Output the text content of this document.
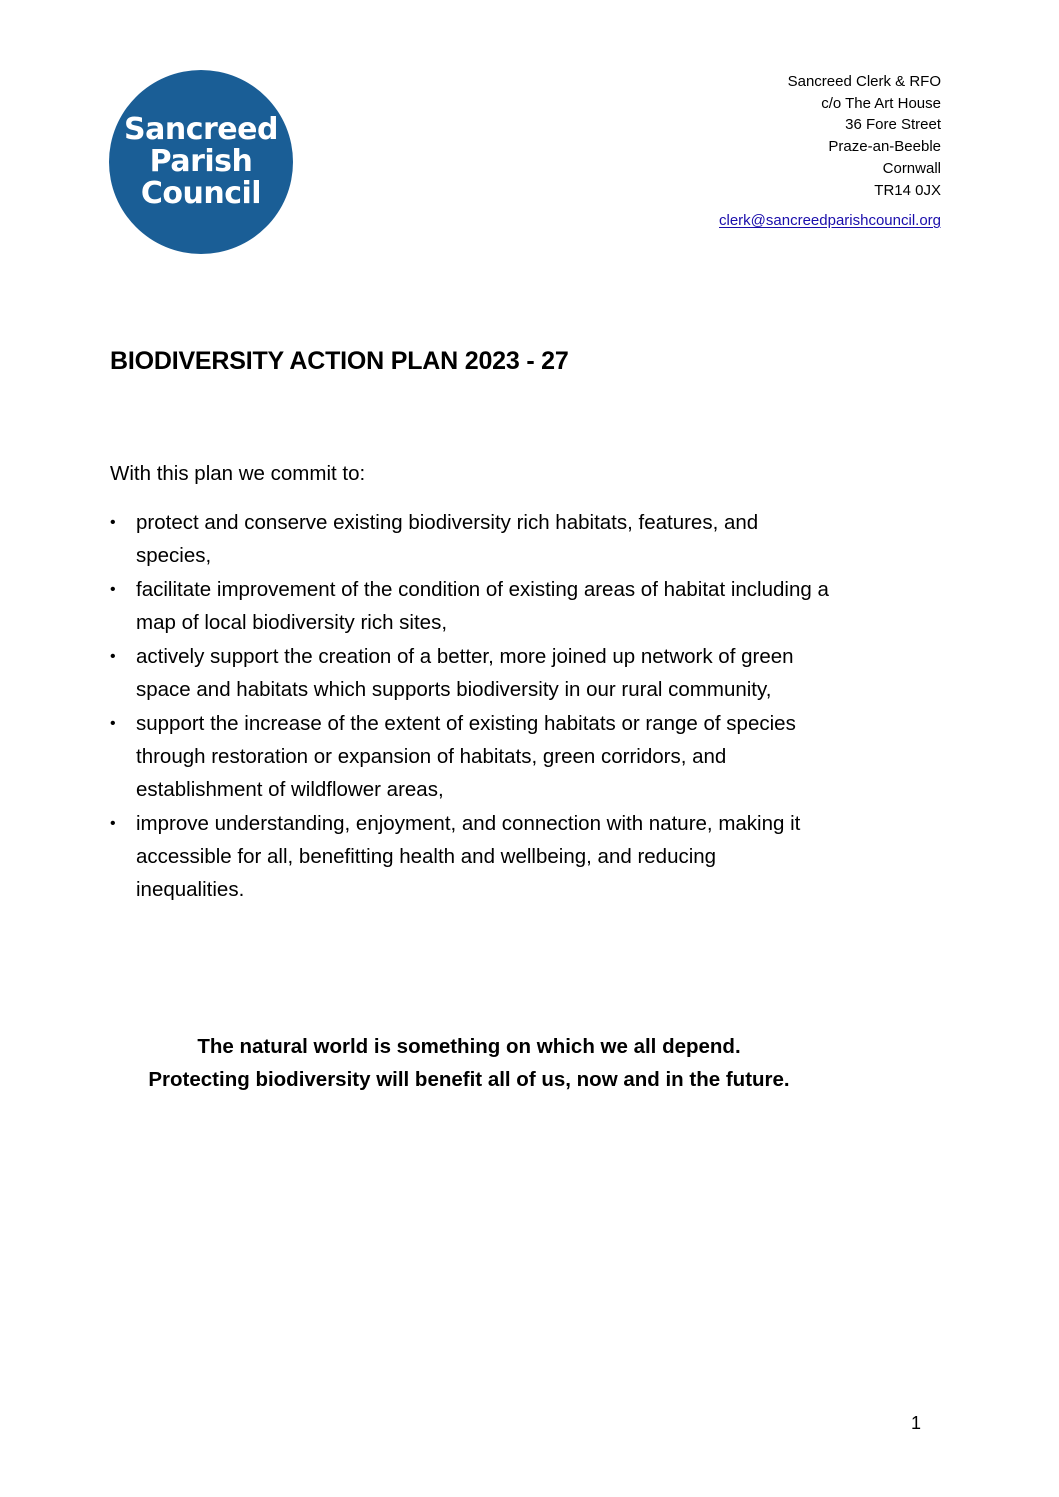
Sancreed
Parish
Council
Sancreed Clerk & RFO
c/o The Art House
36 Fore Street
Praze-an-Beeble
Cornwall
TR14 0JX
clerk@sancreedparishcouncil.org
BIODIVERSITY ACTION PLAN 2023 - 27

With this plan we commit to:

• protect and conserve existing biodiversity rich habitats, features, and species,
• facilitate improvement of the condition of existing areas of habitat including a map of local biodiversity rich sites,
• actively support the creation of a better, more joined up network of green space and habitats which supports biodiversity in our rural community,
• support the increase of the extent of existing habitats or range of species through restoration or expansion of habitats, green corridors, and establishment of wildflower areas,
• improve understanding, enjoyment, and connection with nature, making it accessible for all, benefitting health and wellbeing, and reducing inequalities.
The natural world is something on which we all depend.
Protecting biodiversity will benefit all of us, now and in the future.
1
